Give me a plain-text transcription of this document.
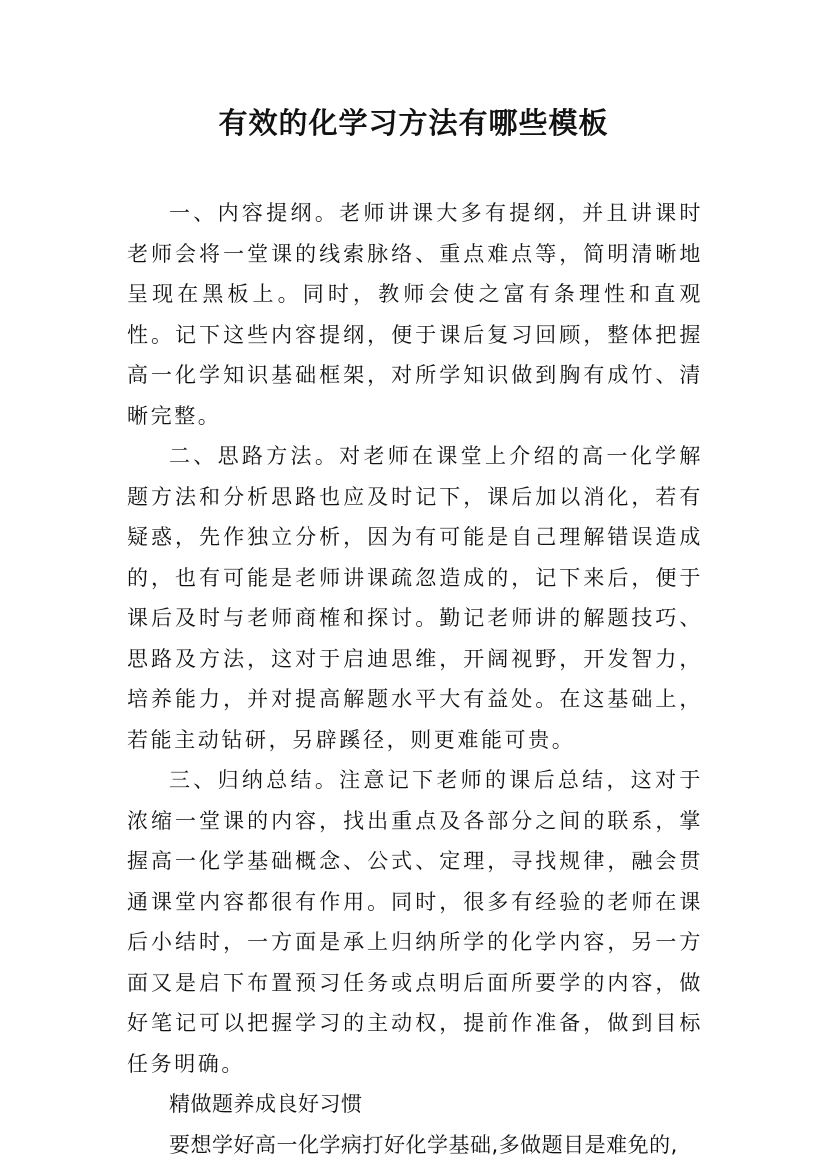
有效的化学习方法有哪些模板

一、内容提纲。老师讲课大多有提纲，并且讲课时老师会将一堂课的线索脉络、重点难点等，简明清晰地呈现在黑板上。同时，教师会使之富有条理性和直观性。记下这些内容提纲，便于课后复习回顾，整体把握高一化学知识基础框架，对所学知识做到胸有成竹、清晰完整。

二、思路方法。对老师在课堂上介绍的高一化学解题方法和分析思路也应及时记下，课后加以消化，若有疑惑，先作独立分析，因为有可能是自己理解错误造成的，也有可能是老师讲课疏忽造成的，记下来后，便于课后及时与老师商榷和探讨。勤记老师讲的解题技巧、思路及方法，这对于启迪思维，开阔视野，开发智力，培养能力，并对提高解题水平大有益处。在这基础上，若能主动钻研，另辟蹊径，则更难能可贵。

三、归纳总结。注意记下老师的课后总结，这对于浓缩一堂课的内容，找出重点及各部分之间的联系，掌握高一化学基础概念、公式、定理，寻找规律，融会贯通课堂内容都很有作用。同时，很多有经验的老师在课后小结时，一方面是承上归纳所学的化学内容，另一方面又是启下布置预习任务或点明后面所要学的内容，做好笔记可以把握学习的主动权，提前作准备，做到目标任务明确。

精做题养成良好习惯

要想学好高一化学病打好化学基础,多做题目是难免的,
